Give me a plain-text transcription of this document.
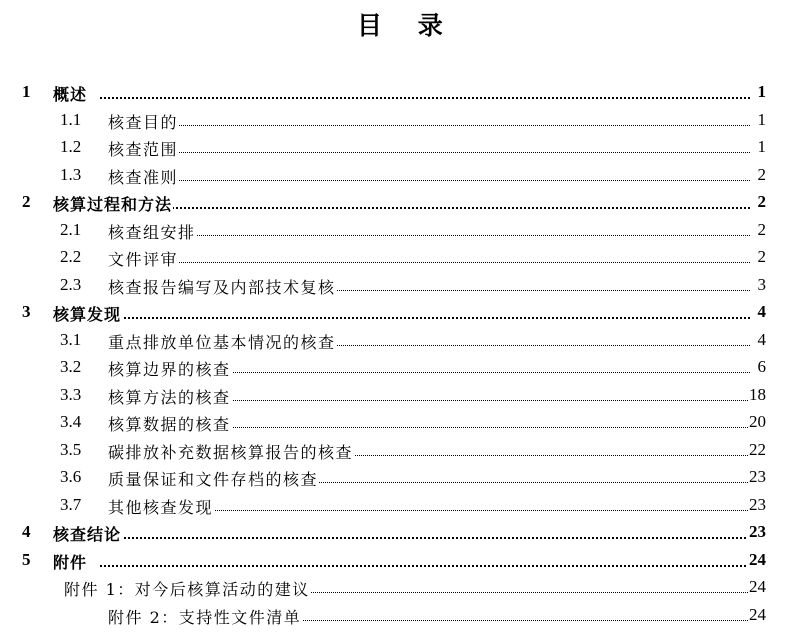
目    录
1 概述	1
1.1 核查目的	1
1.2 核查范围	1
1.3 核查准则	2
2 核算过程和方法	2
2.1 核查组安排	2
2.2 文件评审	2
2.3 核查报告编写及内部技术复核	3
3 核算发现	4
3.1 重点排放单位基本情况的核查	4
3.2 核算边界的核查	6
3.3 核算方法的核查	18
3.4 核算数据的核查	20
3.5 碳排放补充数据核算报告的核查	22
3.6 质量保证和文件存档的核查	23
3.7 其他核查发现	23
4 核查结论	23
5 附件	24
附件 1：对今后核算活动的建议	24
附件 2：支持性文件清单	24
